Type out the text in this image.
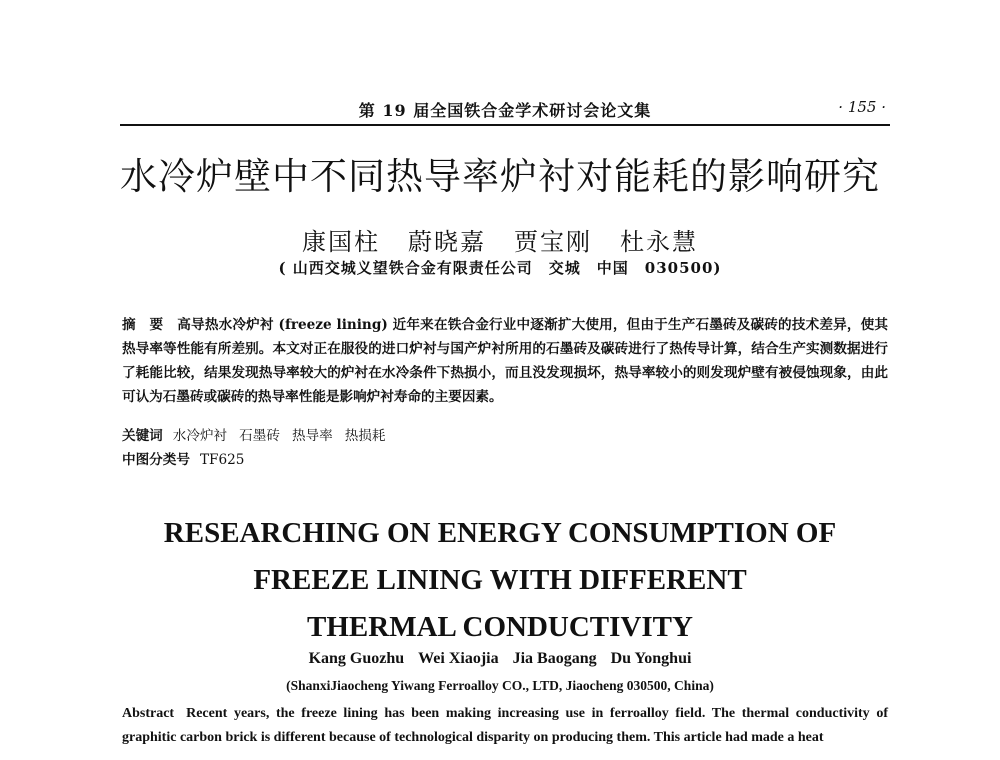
第 19 届全国铁合金学术研讨会论文集	· 155 ·
水冷炉壁中不同热导率炉衬对能耗的影响研究
康国柱 蔚晓嘉 贾宝刚 杜永慧
( 山西交城义望铁合金有限责任公司　交城　中国　030500)
摘　要 高导热水冷炉衬 (freeze lining) 近年来在铁合金行业中逐渐扩大使用，但由于生产石墨砖及碳砖的技术差异，使其热导率等性能有所差别。本文对正在服役的进口炉衬与国产炉衬所用的石墨砖及碳砖进行了热传导计算，结合生产实测数据进行了耗能比较，结果发现热导率较大的炉衬在水冷条件下热损小，而且没发现损坏，热导率较小的则发现炉壁有被侵蚀现象，由此可认为石墨砖或碳砖的热导率性能是影响炉衬寿命的主要因素。
关键词 水冷炉衬 石墨砖 热导率 热损耗
中图分类号 TF625
RESEARCHING ON ENERGY CONSUMPTION OF
FREEZE LINING WITH DIFFERENT
THERMAL CONDUCTIVITY
Kang Guozhu Wei Xiaojia Jia Baogang Du Yonghui
(ShanxiJiaocheng Yiwang Ferroalloy CO., LTD, Jiaocheng 030500, China)
Abstract Recent years, the freeze lining has been making increasing use in ferroalloy field. The thermal conductivity of graphitic carbon brick is different because of technological disparity on producing them. This article had made a heat
